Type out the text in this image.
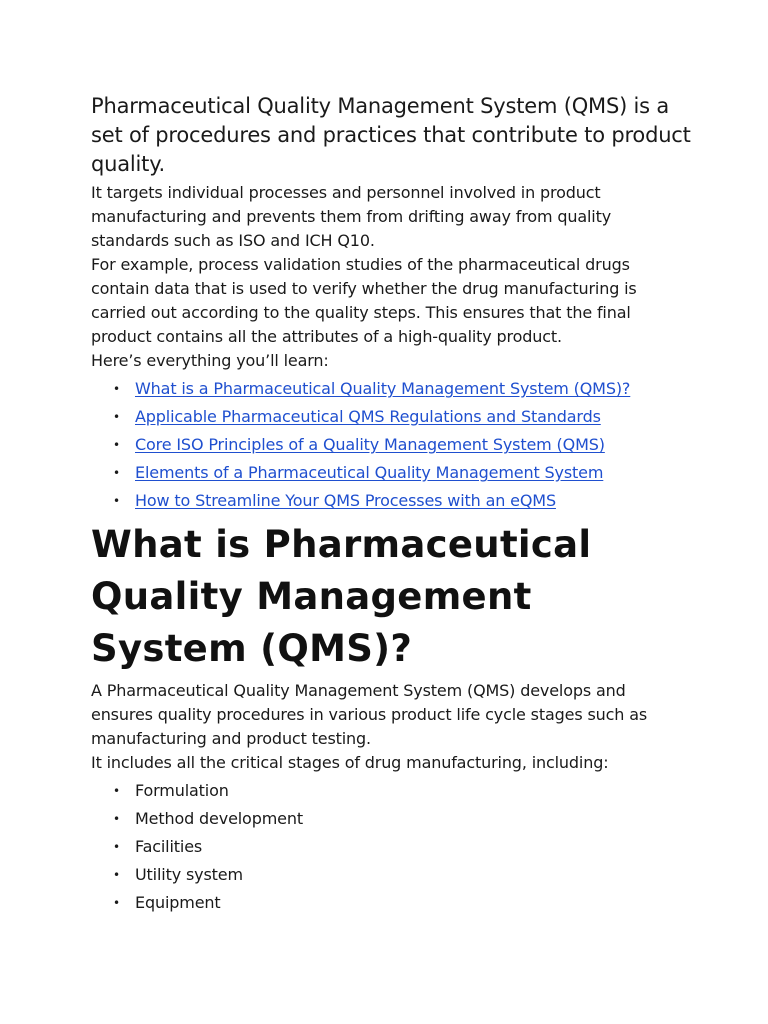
Pharmaceutical Quality Management System (QMS) is a set of procedures and practices that contribute to product quality.

It targets individual processes and personnel involved in product manufacturing and prevents them from drifting away from quality standards such as ISO and ICH Q10.

For example, process validation studies of the pharmaceutical drugs contain data that is used to verify whether the drug manufacturing is carried out according to the quality steps. This ensures that the final product contains all the attributes of a high-quality product.

Here’s everything you’ll learn:

• What is a Pharmaceutical Quality Management System (QMS)?
• Applicable Pharmaceutical QMS Regulations and Standards
• Core ISO Principles of a Quality Management System (QMS)
• Elements of a Pharmaceutical Quality Management System
• How to Streamline Your QMS Processes with an eQMS
What is Pharmaceutical Quality Management System (QMS)?

A Pharmaceutical Quality Management System (QMS) develops and ensures quality procedures in various product life cycle stages such as manufacturing and product testing.

It includes all the critical stages of drug manufacturing, including:

• Formulation
• Method development
• Facilities
• Utility system
• Equipment
